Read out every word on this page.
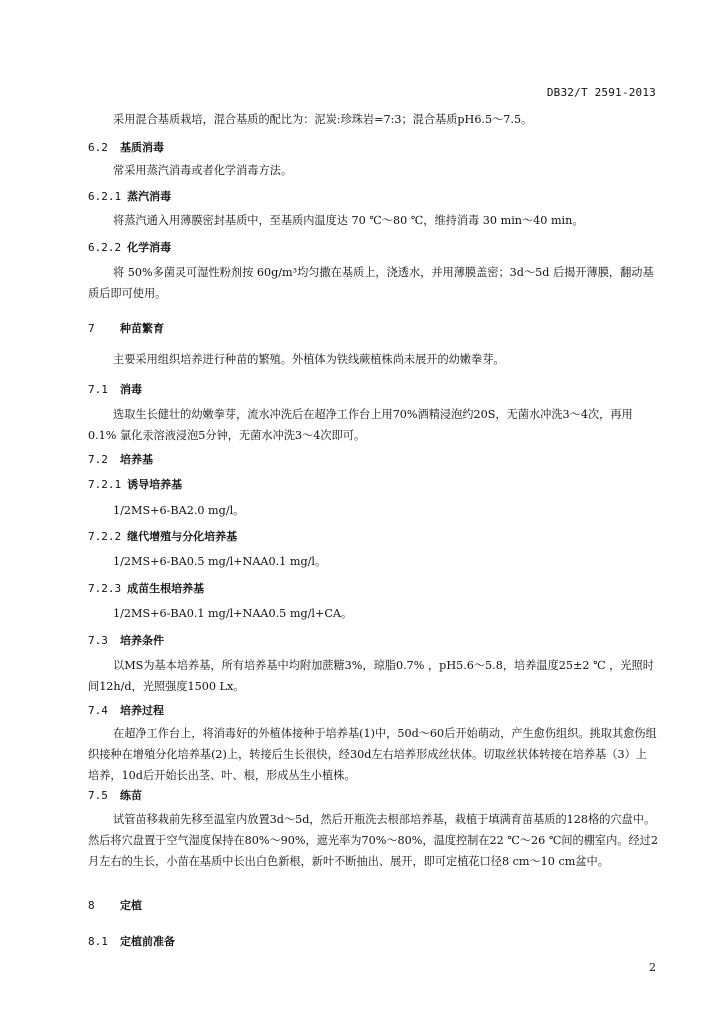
DB32/T 2591-2013
采用混合基质栽培，混合基质的配比为：泥炭:珍珠岩=7:3；混合基质pH6.5～7.5。
6.2 基质消毒
常采用蒸汽消毒或者化学消毒方法。
6.2.1 蒸汽消毒
将蒸汽通入用薄膜密封基质中，至基质内温度达 70 ℃～80 ℃，维持消毒 30 min～40 min。
6.2.2 化学消毒
将 50%多菌灵可湿性粉剂按 60g/m³均匀撒在基质上，浇透水，并用薄膜盖密；3d～5d 后揭开薄膜，翻动基质后即可使用。
7 种苗繁育
主要采用组织培养进行种苗的繁殖。外植体为铁线蕨植株尚未展开的幼嫩拳芽。
7.1 消毒
选取生长健壮的幼嫩拳芽，流水冲洗后在超净工作台上用70%酒精浸泡约20S，无菌水冲洗3～4次，再用0.1% 氯化汞溶液浸泡5分钟，无菌水冲洗3～4次即可。
7.2 培养基
7.2.1 诱导培养基
1/2MS+6-BA2.0 mg/l。
7.2.2 继代增殖与分化培养基
1/2MS+6-BA0.5 mg/l+NAA0.1 mg/l。
7.2.3 成苗生根培养基
1/2MS+6-BA0.1 mg/l+NAA0.5 mg/l+CA。
7.3 培养条件
以MS为基本培养基，所有培养基中均附加蔗糖3%，琼脂0.7% ，pH5.6～5.8，培养温度25±2 ℃ ，光照时间12h/d，光照强度1500 Lx。
7.4 培养过程
在超净工作台上，将消毒好的外植体接种于培养基(1)中，50d～60后开始萌动，产生愈伤组织。挑取其愈伤组织接种在增殖分化培养基(2)上，转接后生长很快，经30d左右培养形成丝状体。切取丝状体转接在培养基（3）上培养，10d后开始长出茎、叶、根，形成丛生小植株。
7.5 练苗
试管苗移栽前先移至温室内放置3d～5d，然后开瓶洗去根部培养基，栽植于填满育苗基质的128格的穴盘中。然后将穴盘置于空气湿度保持在80%～90%，遮光率为70%～80%，温度控制在22 ℃～26 ℃间的棚室内。经过2月左右的生长，小苗在基质中长出白色新根，新叶不断抽出、展开，即可定植花口径8 cm～10 cm盆中。
8 定植
8.1 定植前准备
2
